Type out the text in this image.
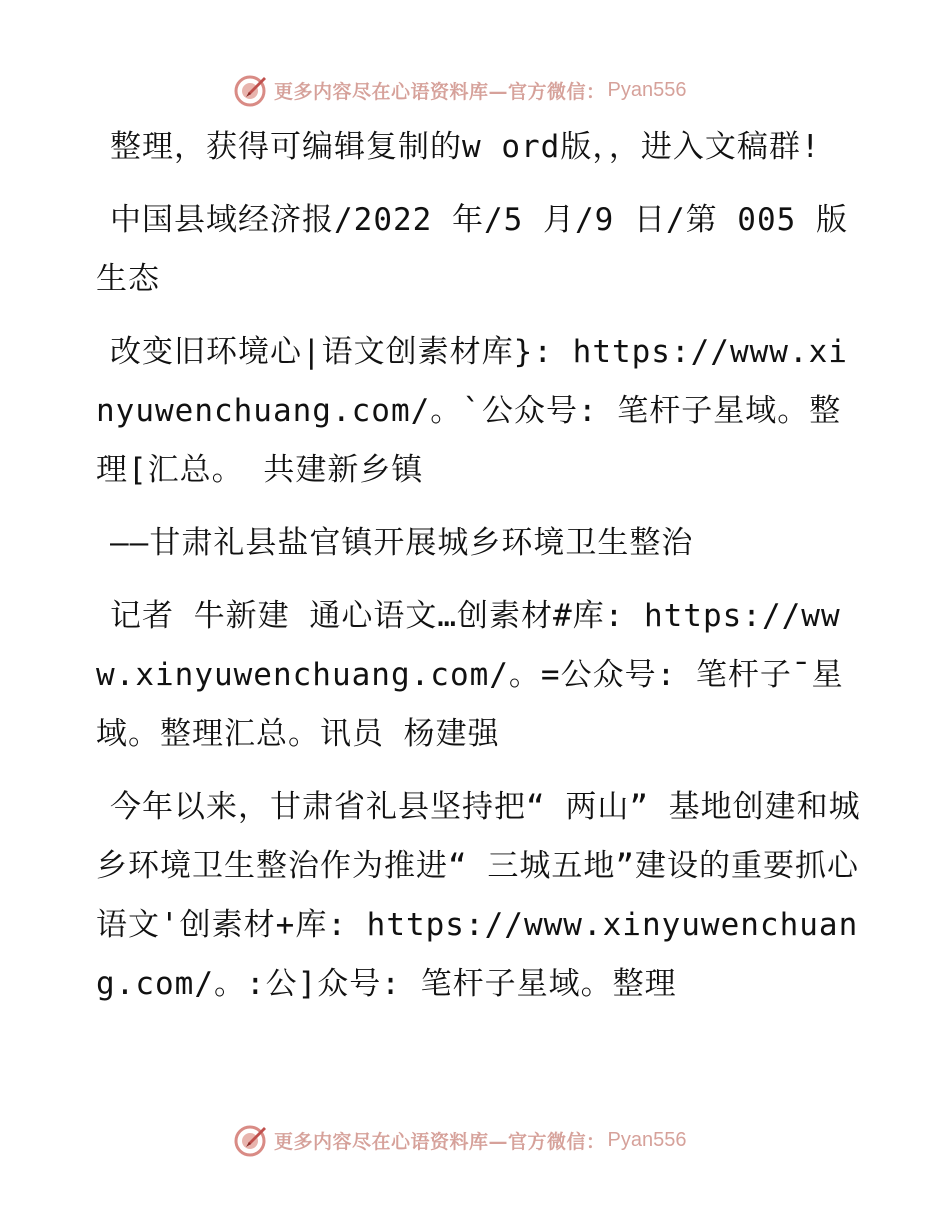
更多内容尽在心语资料库—官方微信： Pyan556

整理，获得可编辑复制的w ord版，，进入文稿群!

中国县域经济报/2022 年/5 月/9 日/第 005 版生态

改变旧环境心|语文创素材库}: https://www.xinyuwenchuang.com/。`公众号: 笔杆子星域。整理[汇总。 共建新乡镇

——甘肃礼县盐官镇开展城乡环境卫生整治

记者 牛新建 通心语文…创素材#库: https://www.xinyuwenchuang.com/。=公众号: 笔杆子¯星域。整理汇总。讯员 杨建强

今年以来，甘肃省礼县坚持把“ 两山” 基地创建和城乡环境卫生整治作为推进“ 三城五地”建设的重要抓心语文'创素材+库: https://www.xinyuwenchuang.com/。:公]众号: 笔杆子星域。整理

更多内容尽在心语资料库—官方微信： Pyan556
